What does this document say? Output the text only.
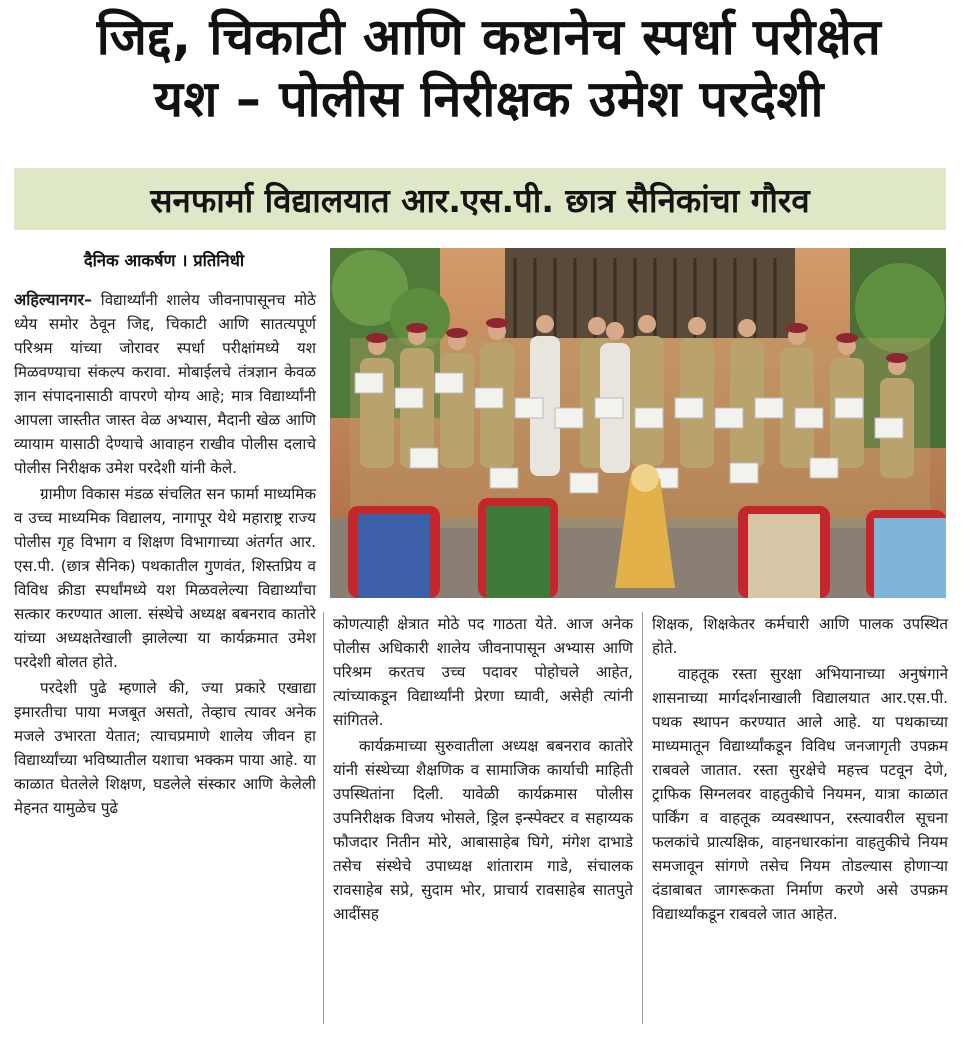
जिद्द, चिकाटी आणि कष्टानेच स्पर्धा परीक्षेत
यश – पोलीस निरीक्षक उमेश परदेशी
सनफार्मा विद्यालयात आर.एस.पी. छात्र सैनिकांचा गौरव
दैनिक आकर्षण । प्रतिनिधी

अहिल्यानगर– विद्यार्थ्यांनी शालेय जीवनापासूनच मोठे ध्येय समोर ठेवून जिद्द, चिकाटी आणि सातत्यपूर्ण परिश्रम यांच्या जोरावर स्पर्धा परीक्षांमध्ये यश मिळवण्याचा संकल्प करावा. मोबाईलचे तंत्रज्ञान केवळ ज्ञान संपादनासाठी वापरणे योग्य आहे; मात्र विद्यार्थ्यांनी आपला जास्तीत जास्त वेळ अभ्यास, मैदानी खेळ आणि व्यायाम यासाठी देण्याचे आवाहन राखीव पोलीस दलाचे पोलीस निरीक्षक उमेश परदेशी यांनी केले.

ग्रामीण विकास मंडळ संचलित सन फार्मा माध्यमिक व उच्च माध्यमिक विद्यालय, नागापूर येथे महाराष्ट्र राज्य पोलीस गृह विभाग व शिक्षण विभागाच्या अंतर्गत आर. एस.पी. (छात्र सैनिक) पथकातील गुणवंत, शिस्तप्रिय व विविध क्रीडा स्पर्धांमध्ये यश मिळवलेल्या विद्यार्थ्यांचा सत्कार करण्यात आला. संस्थेचे अध्यक्ष बबनराव कातोरे यांच्या अध्यक्षतेखाली झालेल्या या कार्यक्रमात उमेश परदेशी बोलत होते.

परदेशी पुढे म्हणाले की, ज्या प्रकारे एखाद्या इमारतीचा पाया मजबूत असतो, तेव्हाच त्यावर अनेक मजले उभारता येतात; त्याचप्रमाणे शालेय जीवन हा विद्यार्थ्यांच्या भविष्यातील यशाचा भक्कम पाया आहे. या काळात घेतलेले शिक्षण, घडलेले संस्कार आणि केलेली मेहनत यामुळेच पुढे

कोणत्याही क्षेत्रात मोठे पद गाठता येते. आज अनेक पोलीस अधिकारी शालेय जीवनापासून अभ्यास आणि परिश्रम करतच उच्च पदावर पोहोचले आहेत, त्यांच्याकडून विद्यार्थ्यांनी प्रेरणा घ्यावी, असेही त्यांनी सांगितले.

कार्यक्रमाच्या सुरुवातीला अध्यक्ष बबनराव कातोरे यांनी संस्थेच्या शैक्षणिक व सामाजिक कार्याची माहिती उपस्थितांना दिली. यावेळी कार्यक्रमास पोलीस उपनिरीक्षक विजय भोसले, ड्रिल इन्स्पेक्टर व सहाय्यक फौजदार नितीन मोरे, आबासाहेब घिगे, मंगेश दाभाडे तसेच संस्थेचे उपाध्यक्ष शांताराम गाडे, संचालक रावसाहेब सप्रे, सुदाम भोर, प्राचार्य रावसाहेब सातपुते आदींसह

शिक्षक, शिक्षकेतर कर्मचारी आणि पालक उपस्थित होते.

वाहतूक रस्ता सुरक्षा अभियानाच्या अनुषंगाने शासनाच्या मार्गदर्शनाखाली विद्यालयात आर.एस.पी. पथक स्थापन करण्यात आले आहे. या पथकाच्या माध्यमातून विद्यार्थ्यांकडून विविध जनजागृती उपक्रम राबवले जातात. रस्ता सुरक्षेचे महत्त्व पटवून देणे, ट्राफिक सिग्नलवर वाहतुकीचे नियमन, यात्रा काळात पार्किंग व वाहतूक व्यवस्थापन, रस्त्यावरील सूचना फलकांचे प्रात्यक्षिक, वाहनधारकांना वाहतुकीचे नियम समजावून सांगणे तसेच नियम तोडल्यास होणाऱ्या दंडाबाबत जागरूकता निर्माण करणे असे उपक्रम विद्यार्थ्यांकडून राबवले जात आहेत.
